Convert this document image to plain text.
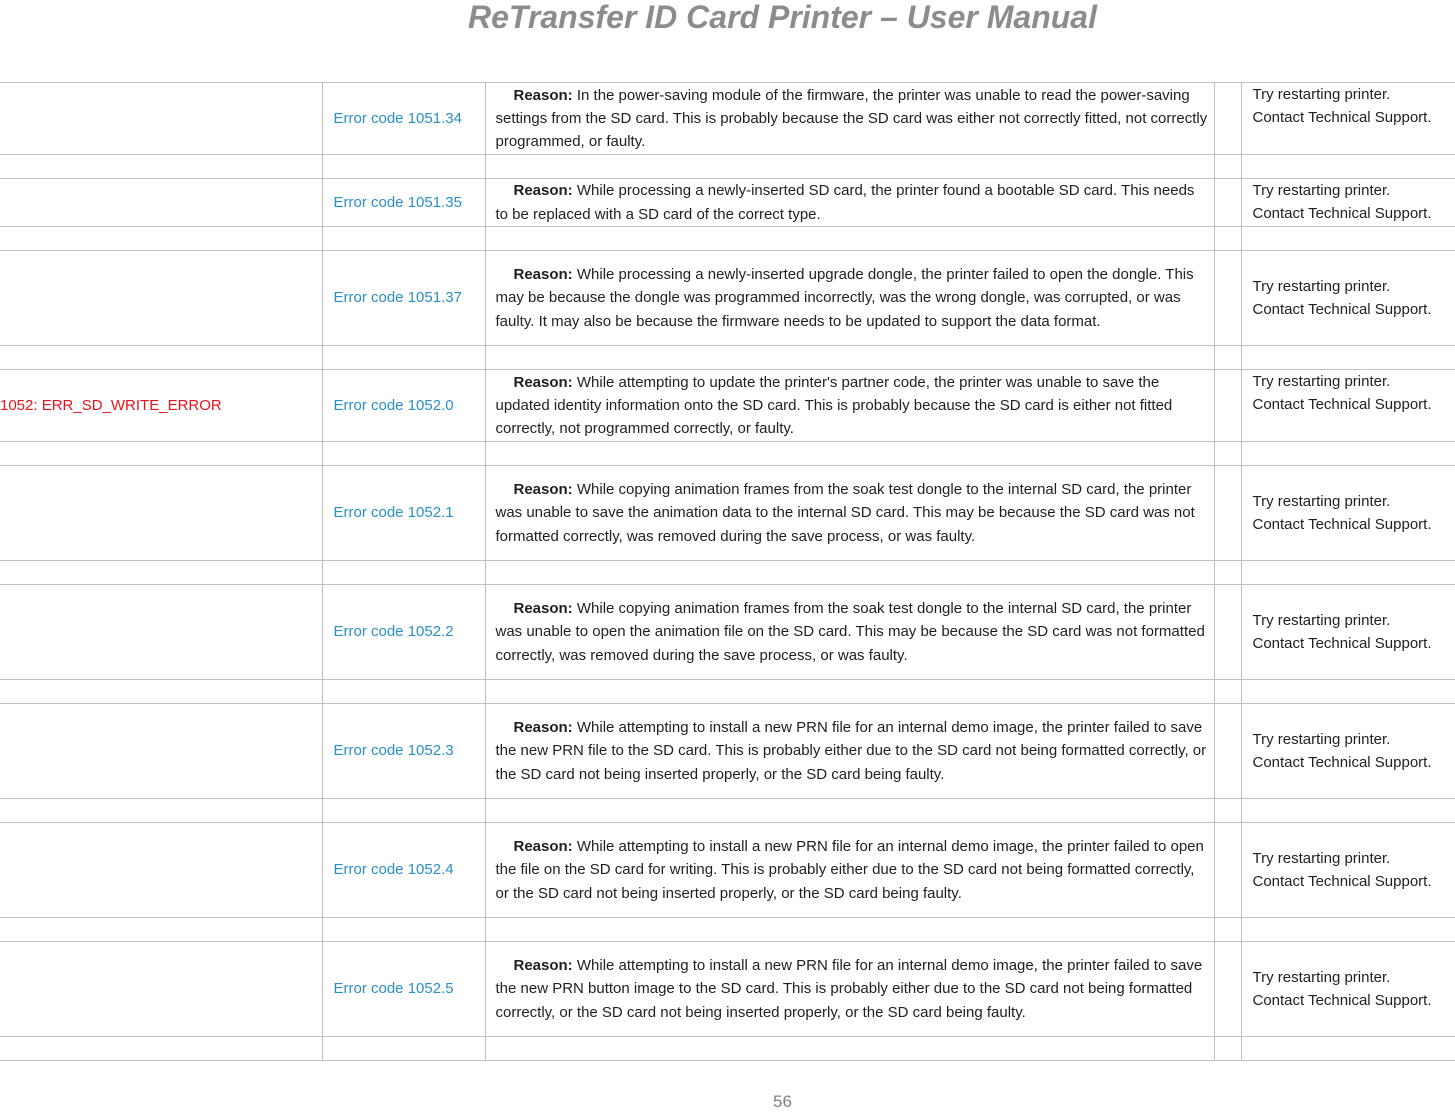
ReTransfer ID Card Printer – User Manual
	Error code 1051.34	Reason: In the power-saving module of the firmware, the printer was unable to read the power-saving settings from the SD card. This is probably because the SD card was either not correctly fitted, not correctly programmed, or faulty.		Try restarting printer.
Contact Technical Support.

	Error code 1051.35	Reason: While processing a newly-inserted SD card, the printer found a bootable SD card. This needs to be replaced with a SD card of the correct type.		Try restarting printer.
Contact Technical Support.

	Error code 1051.37	Reason: While processing a newly-inserted upgrade dongle, the printer failed to open the dongle. This may be because the dongle was programmed incorrectly, was the wrong dongle, was corrupted, or was faulty. It may also be because the firmware needs to be updated to support the data format.		Try restarting printer.
Contact Technical Support.

1052: ERR_SD_WRITE_ERROR	Error code 1052.0	Reason: While attempting to update the printer's partner code, the printer was unable to save the updated identity information onto the SD card. This is probably because the SD card is either not fitted correctly, not programmed correctly, or faulty.		Try restarting printer.
Contact Technical Support.

	Error code 1052.1	Reason: While copying animation frames from the soak test dongle to the internal SD card, the printer was unable to save the animation data to the internal SD card. This may be because the SD card was not formatted correctly, was removed during the save process, or was faulty.		Try restarting printer.
Contact Technical Support.

	Error code 1052.2	Reason: While copying animation frames from the soak test dongle to the internal SD card, the printer was unable to open the animation file on the SD card. This may be because the SD card was not formatted correctly, was removed during the save process, or was faulty.		Try restarting printer.
Contact Technical Support.

	Error code 1052.3	Reason: While attempting to install a new PRN file for an internal demo image, the printer failed to save the new PRN file to the SD card. This is probably either due to the SD card not being formatted correctly, or the SD card not being inserted properly, or the SD card being faulty.		Try restarting printer.
Contact Technical Support.

	Error code 1052.4	Reason: While attempting to install a new PRN file for an internal demo image, the printer failed to open the file on the SD card for writing. This is probably either due to the SD card not being formatted correctly, or the SD card not being inserted properly, or the SD card being faulty.		Try restarting printer.
Contact Technical Support.

	Error code 1052.5	Reason: While attempting to install a new PRN file for an internal demo image, the printer failed to save the new PRN button image to the SD card. This is probably either due to the SD card not being formatted correctly, or the SD card not being inserted properly, or the SD card being faulty.		Try restarting printer.
Contact Technical Support.

56
